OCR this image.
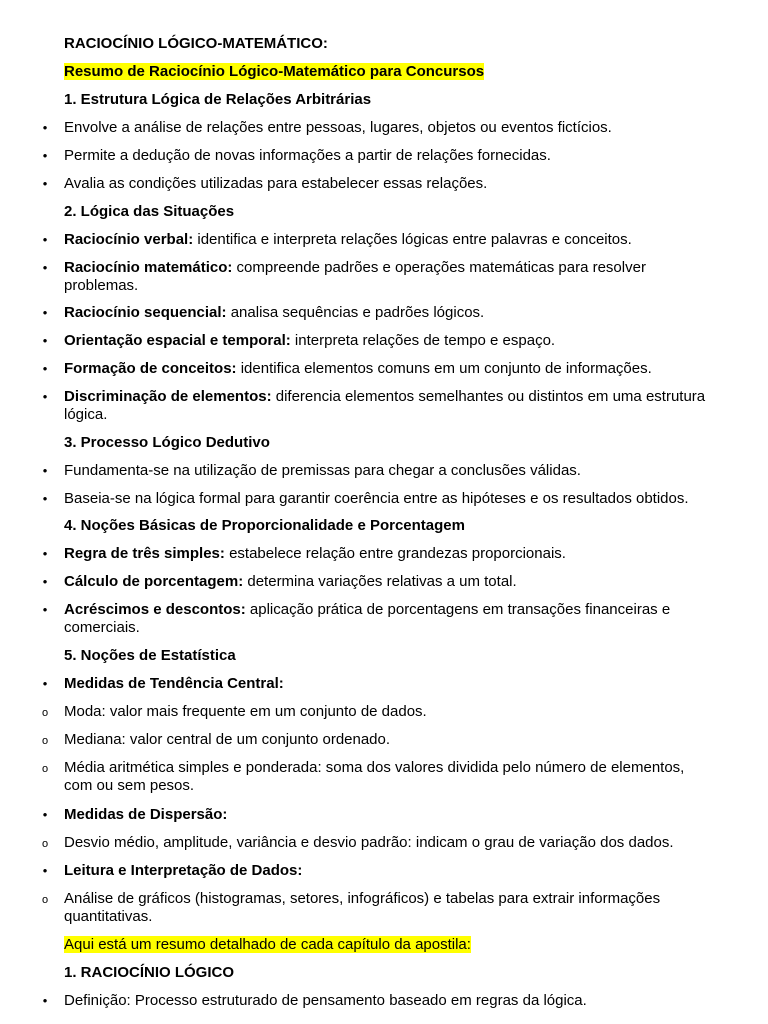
RACIOCÍNIO LÓGICO-MATEMÁTICO:
Resumo de Raciocínio Lógico-Matemático para Concursos
1. Estrutura Lógica de Relações Arbitrárias
•	Envolve a análise de relações entre pessoas, lugares, objetos ou eventos fictícios.
•	Permite a dedução de novas informações a partir de relações fornecidas.
•	Avalia as condições utilizadas para estabelecer essas relações.
2. Lógica das Situações
•	Raciocínio verbal: identifica e interpreta relações lógicas entre palavras e conceitos.
•	Raciocínio matemático: compreende padrões e operações matemáticas para resolver problemas.
•	Raciocínio sequencial: analisa sequências e padrões lógicos.
•	Orientação espacial e temporal: interpreta relações de tempo e espaço.
•	Formação de conceitos: identifica elementos comuns em um conjunto de informações.
•	Discriminação de elementos: diferencia elementos semelhantes ou distintos em uma estrutura lógica.
3. Processo Lógico Dedutivo
•	Fundamenta-se na utilização de premissas para chegar a conclusões válidas.
•	Baseia-se na lógica formal para garantir coerência entre as hipóteses e os resultados obtidos.
4. Noções Básicas de Proporcionalidade e Porcentagem
•	Regra de três simples: estabelece relação entre grandezas proporcionais.
•	Cálculo de porcentagem: determina variações relativas a um total.
•	Acréscimos e descontos: aplicação prática de porcentagens em transações financeiras e comerciais.
5. Noções de Estatística
•	Medidas de Tendência Central:
o Moda: valor mais frequente em um conjunto de dados.
o Mediana: valor central de um conjunto ordenado.
o Média aritmética simples e ponderada: soma dos valores dividida pelo número de elementos, com ou sem pesos.
•	Medidas de Dispersão:
o Desvio médio, amplitude, variância e desvio padrão: indicam o grau de variação dos dados.
•	Leitura e Interpretação de Dados:
o Análise de gráficos (histogramas, setores, infográficos) e tabelas para extrair informações quantitativas.
Aqui está um resumo detalhado de cada capítulo da apostila:
1. RACIOCÍNIO LÓGICO
•	Definição: Processo estruturado de pensamento baseado em regras da lógica.
